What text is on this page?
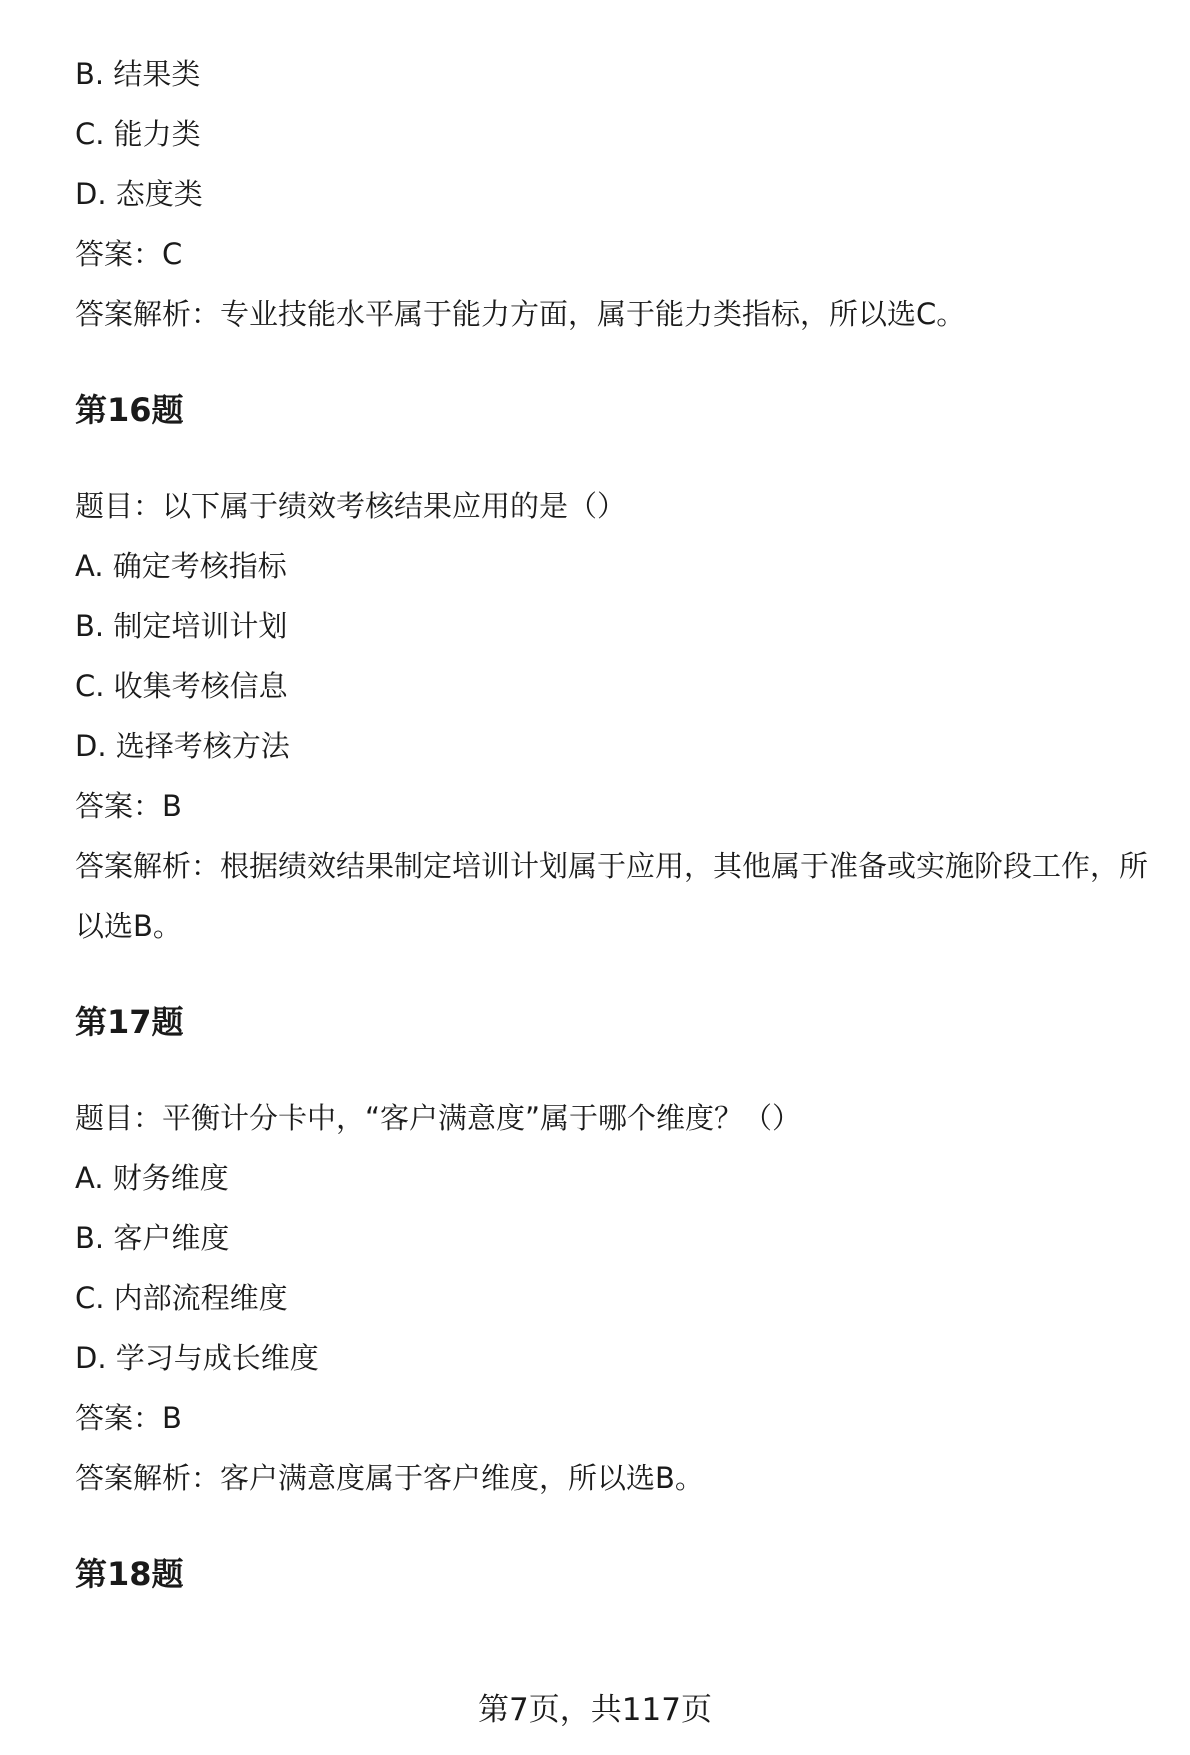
B. 结果类
C. 能力类
D. 态度类
答案：C
答案解析：专业技能水平属于能力方面，属于能力类指标，所以选C。
第16题
题目：以下属于绩效考核结果应用的是（）
A. 确定考核指标
B. 制定培训计划
C. 收集考核信息
D. 选择考核方法
答案：B
答案解析：根据绩效结果制定培训计划属于应用，其他属于准备或实施阶段工作，所以选B。
第17题
题目：平衡计分卡中，“客户满意度”属于哪个维度？（）
A. 财务维度
B. 客户维度
C. 内部流程维度
D. 学习与成长维度
答案：B
答案解析：客户满意度属于客户维度，所以选B。
第18题
第7页，共117页
